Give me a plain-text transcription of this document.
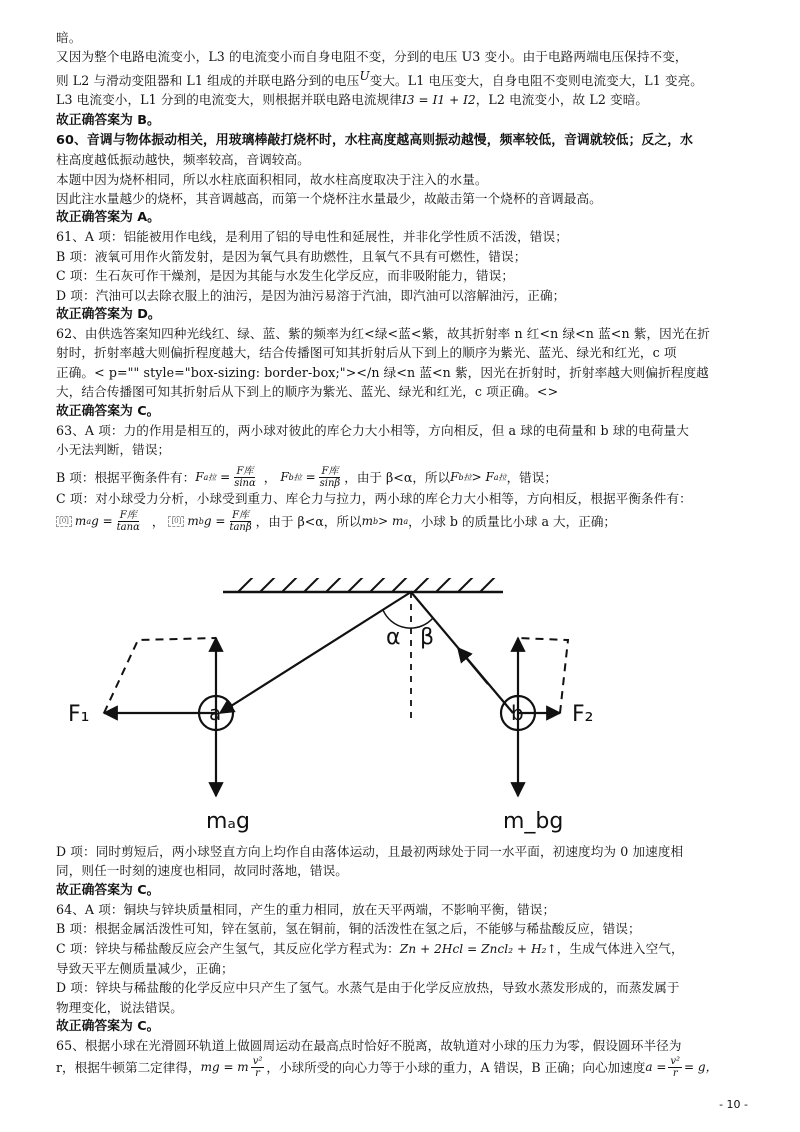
暗。

又因为整个电路电流变小，L3 的电流变小而自身电阻不变，分到的电压 U3 变小。由于电路两端电压保持不变，

则 L2 与滑动变阻器和 L1 组成的并联电路分到的电压$^U$变大。L1 电压变大，自身电阻不变则电流变大，L1 变亮。

L3 电流变小，L1 分到的电流变大，则根据并联电路电流规律I3 = I1 + I2，L2 电流变小，故 L2 变暗。

故正确答案为 B。

60、音调与物体振动相关，用玻璃棒敲打烧杯时，水柱高度越高则振动越慢，频率较低，音调就较低；反之，水

柱高度越低振动越快，频率较高，音调较高。

本题中因为烧杯相同，所以水柱底面积相同，故水柱高度取决于注入的水量。

因此注水量越少的烧杯，其音调越高，而第一个烧杯注水量最少，故敲击第一个烧杯的音调最高。

故正确答案为 A。

61、A 项：铝能被用作电线，是利用了铝的导电性和延展性，并非化学性质不活泼，错误；

B 项：液氧可用作火箭发射，是因为氧气具有助燃性，且氧气不具有可燃性，错误；

C 项：生石灰可作干燥剂，是因为其能与水发生化学反应，而非吸附能力，错误；

D 项：汽油可以去除衣服上的油污，是因为油污易溶于汽油，即汽油可以溶解油污，正确；

故正确答案为 D。

62、由供选答案知四种光线红、绿、蓝、紫的频率为红<绿<蓝<紫，故其折射率 n 红<n 绿<n 蓝<n 紫，因光在折

射时，折射率越大则偏折程度越大，结合传播图可知其折射后从下到上的顺序为紫光、蓝光、绿光和红光，c 项

正确。< p="" style="box-sizing: border-box;"></n 绿<n 蓝<n 紫，因光在折射时，折射率越大则偏折程度越

大，结合传播图可知其折射后从下到上的顺序为紫光、蓝光、绿光和红光，c 项正确。<>

故正确答案为 C。

63、A 项：力的作用是相互的，两小球对彼此的库仑力大小相等，方向相反，但 a 球的电荷量和 b 球的电荷量大

小无法判断，错误；

B 项：根据平衡条件有： F a拉 = $\frac{\text{F库}}{\sin\alpha}$ ， F b拉 = $\frac{\text{F库}}{\sin\beta}$ ，由于 β<α，所以 F b拉 > F a拉 ，错误；

C 项：对小球受力分析，小球受到重力、库仑力与拉力，两小球的库仑力大小相等，方向相反，根据平衡条件有：

[0] m a $g = \frac{\text{F库}}{\tan\alpha}$ ， [0] m b $g = \frac{\text{F库}}{\tan\beta}$ ，由于 β<α，所以 m b > m a ，小球 b 的质量比小球 a 大，正确；
α β
a	b
F₁	F₂
mₐg	m_bg

D 项：同时剪短后，两小球竖直方向上均作自由落体运动，且最初两球处于同一水平面，初速度均为 0 加速度相

同，则任一时刻的速度也相同，故同时落地，错误。

故正确答案为 C。

64、A 项：铜块与锌块质量相同，产生的重力相同，放在天平两端，不影响平衡，错误；

B 项：根据金属活泼性可知，锌在氢前，氢在铜前，铜的活泼性在氢之后，不能够与稀盐酸反应，错误；

C 项：锌块与稀盐酸反应会产生氢气，其反应化学方程式为：Zn + 2Hcl = Zncl₂ + H₂↑，生成气体进入空气，

导致天平左侧质量减少，正确；

D 项：锌块与稀盐酸的化学反应中只产生了氢气。水蒸气是由于化学反应放热，导致水蒸发形成的，而蒸发属于

物理变化，说法错误。

故正确答案为 C。

65、根据小球在光滑圆环轨道上做圆周运动在最高点时恰好不脱离，故轨道对小球的压力为零，假设圆环半径为

r，根据牛顿第二定律得， mg = m $\frac{\text{v²}}{r}$ ，小球所受的向心力等于小球的重力，A 错误，B 正确；向心加速度 $a = \frac{\text{v²}}{r} = g$，
- 10 -
